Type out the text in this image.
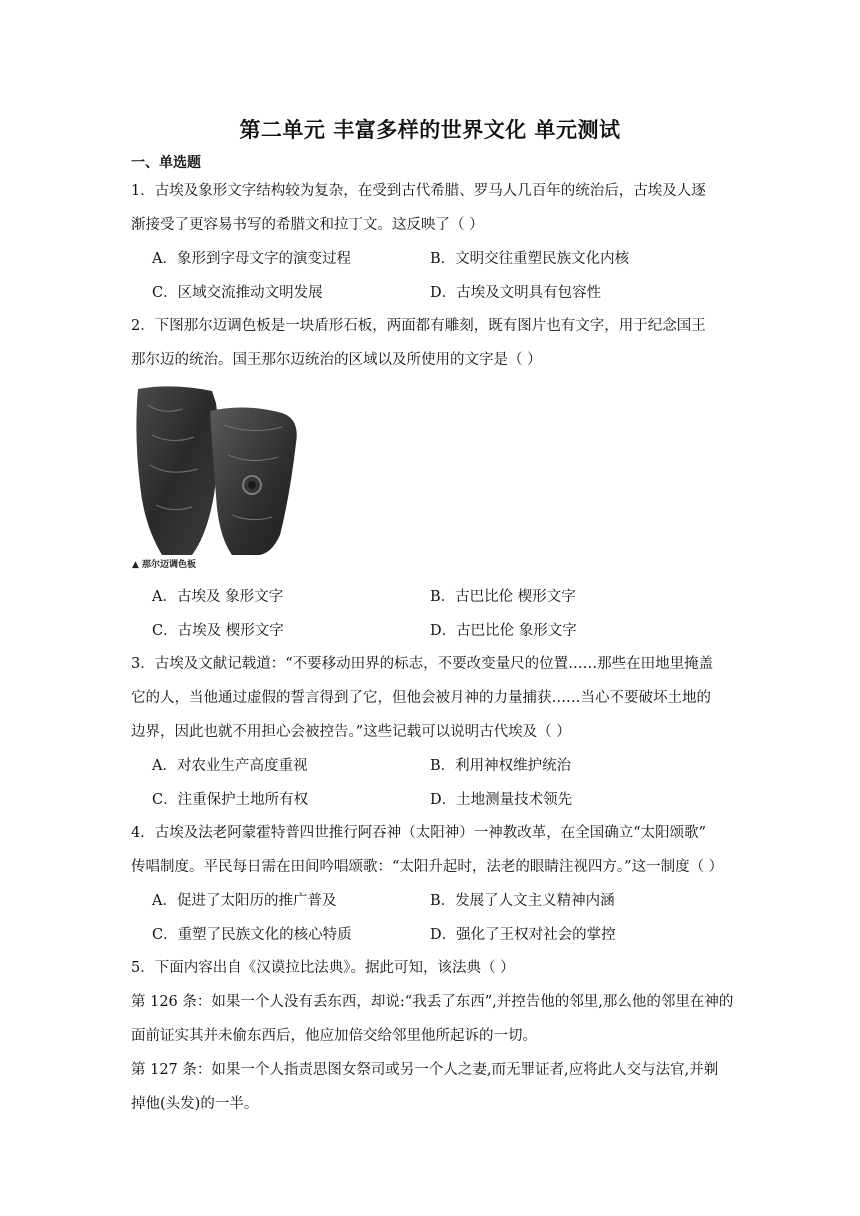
第二单元 丰富多样的世界文化 单元测试
一、单选题

1．古埃及象形文字结构较为复杂，在受到古代希腊、罗马人几百年的统治后，古埃及人逐
渐接受了更容易书写的希腊文和拉丁文。这反映了（ ）

A．象形到字母文字的演变过程	B．文明交往重塑民族文化内核
C．区域交流推动文明发展	D．古埃及文明具有包容性

2．下图那尔迈调色板是一块盾形石板，两面都有雕刻，既有图片也有文字，用于纪念国王
那尔迈的统治。国王那尔迈统治的区域以及所使用的文字是（ ）

▲ 那尔迈调色板
A．古埃及 象形文字	B．古巴比伦 楔形文字
C．古埃及 楔形文字	D．古巴比伦 象形文字

3．古埃及文献记载道：“不要移动田界的标志，不要改变量尺的位置……那些在田地里掩盖
它的人，当他通过虚假的誓言得到了它，但他会被月神的力量捕获……当心不要破坏土地的
边界，因此也就不用担心会被控告。”这些记载可以说明古代埃及（ ）

A．对农业生产高度重视	B．利用神权维护统治
C．注重保护土地所有权	D．土地测量技术领先

4．古埃及法老阿蒙霍特普四世推行阿吞神（太阳神）一神教改革，在全国确立“太阳颂歌”
传唱制度。平民每日需在田间吟唱颂歌：“太阳升起时，法老的眼睛注视四方。”这一制度（ ）

A．促进了太阳历的推广普及	B．发展了人文主义精神内涵
C．重塑了民族文化的核心特质	D．强化了王权对社会的掌控

5．下面内容出自《汉谟拉比法典》。据此可知，该法典（ ）

第 126 条：如果一个人没有丢东西，却说:“我丢了东西”,并控告他的邻里,那么他的邻里在神的
面前证实其并未偷东西后，他应加倍交给邻里他所起诉的一切。

第 127 条：如果一个人指责思图女祭司或另一个人之妻,而无罪证者,应将此人交与法官,并剃
掉他(头发)的一半。
